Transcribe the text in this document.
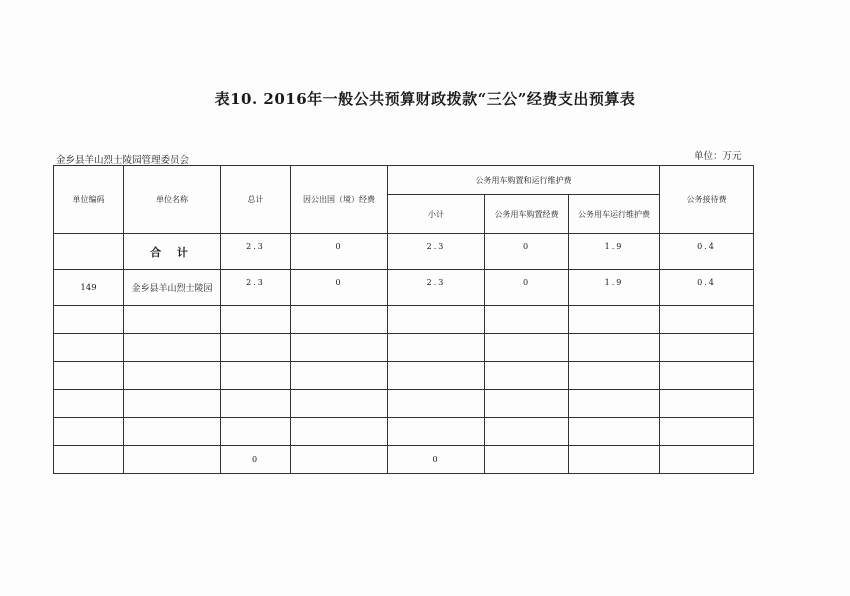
表10. 2016年一般公共预算财政拨款“三公”经费支出预算表
金乡县羊山烈士陵园管理委员会	单位：万元
单位编码	单位名称	总计	因公出国（境）经费	公务用车购置和运行维护费			公务接待费
				小计	公务用车购置经费	公务用车运行维护费	
	合 计	2.3	0	2.3	0	1.9	0.4
149	金乡县羊山烈士陵园	2.3	0	2.3	0	1.9	0.4

		0		0			
